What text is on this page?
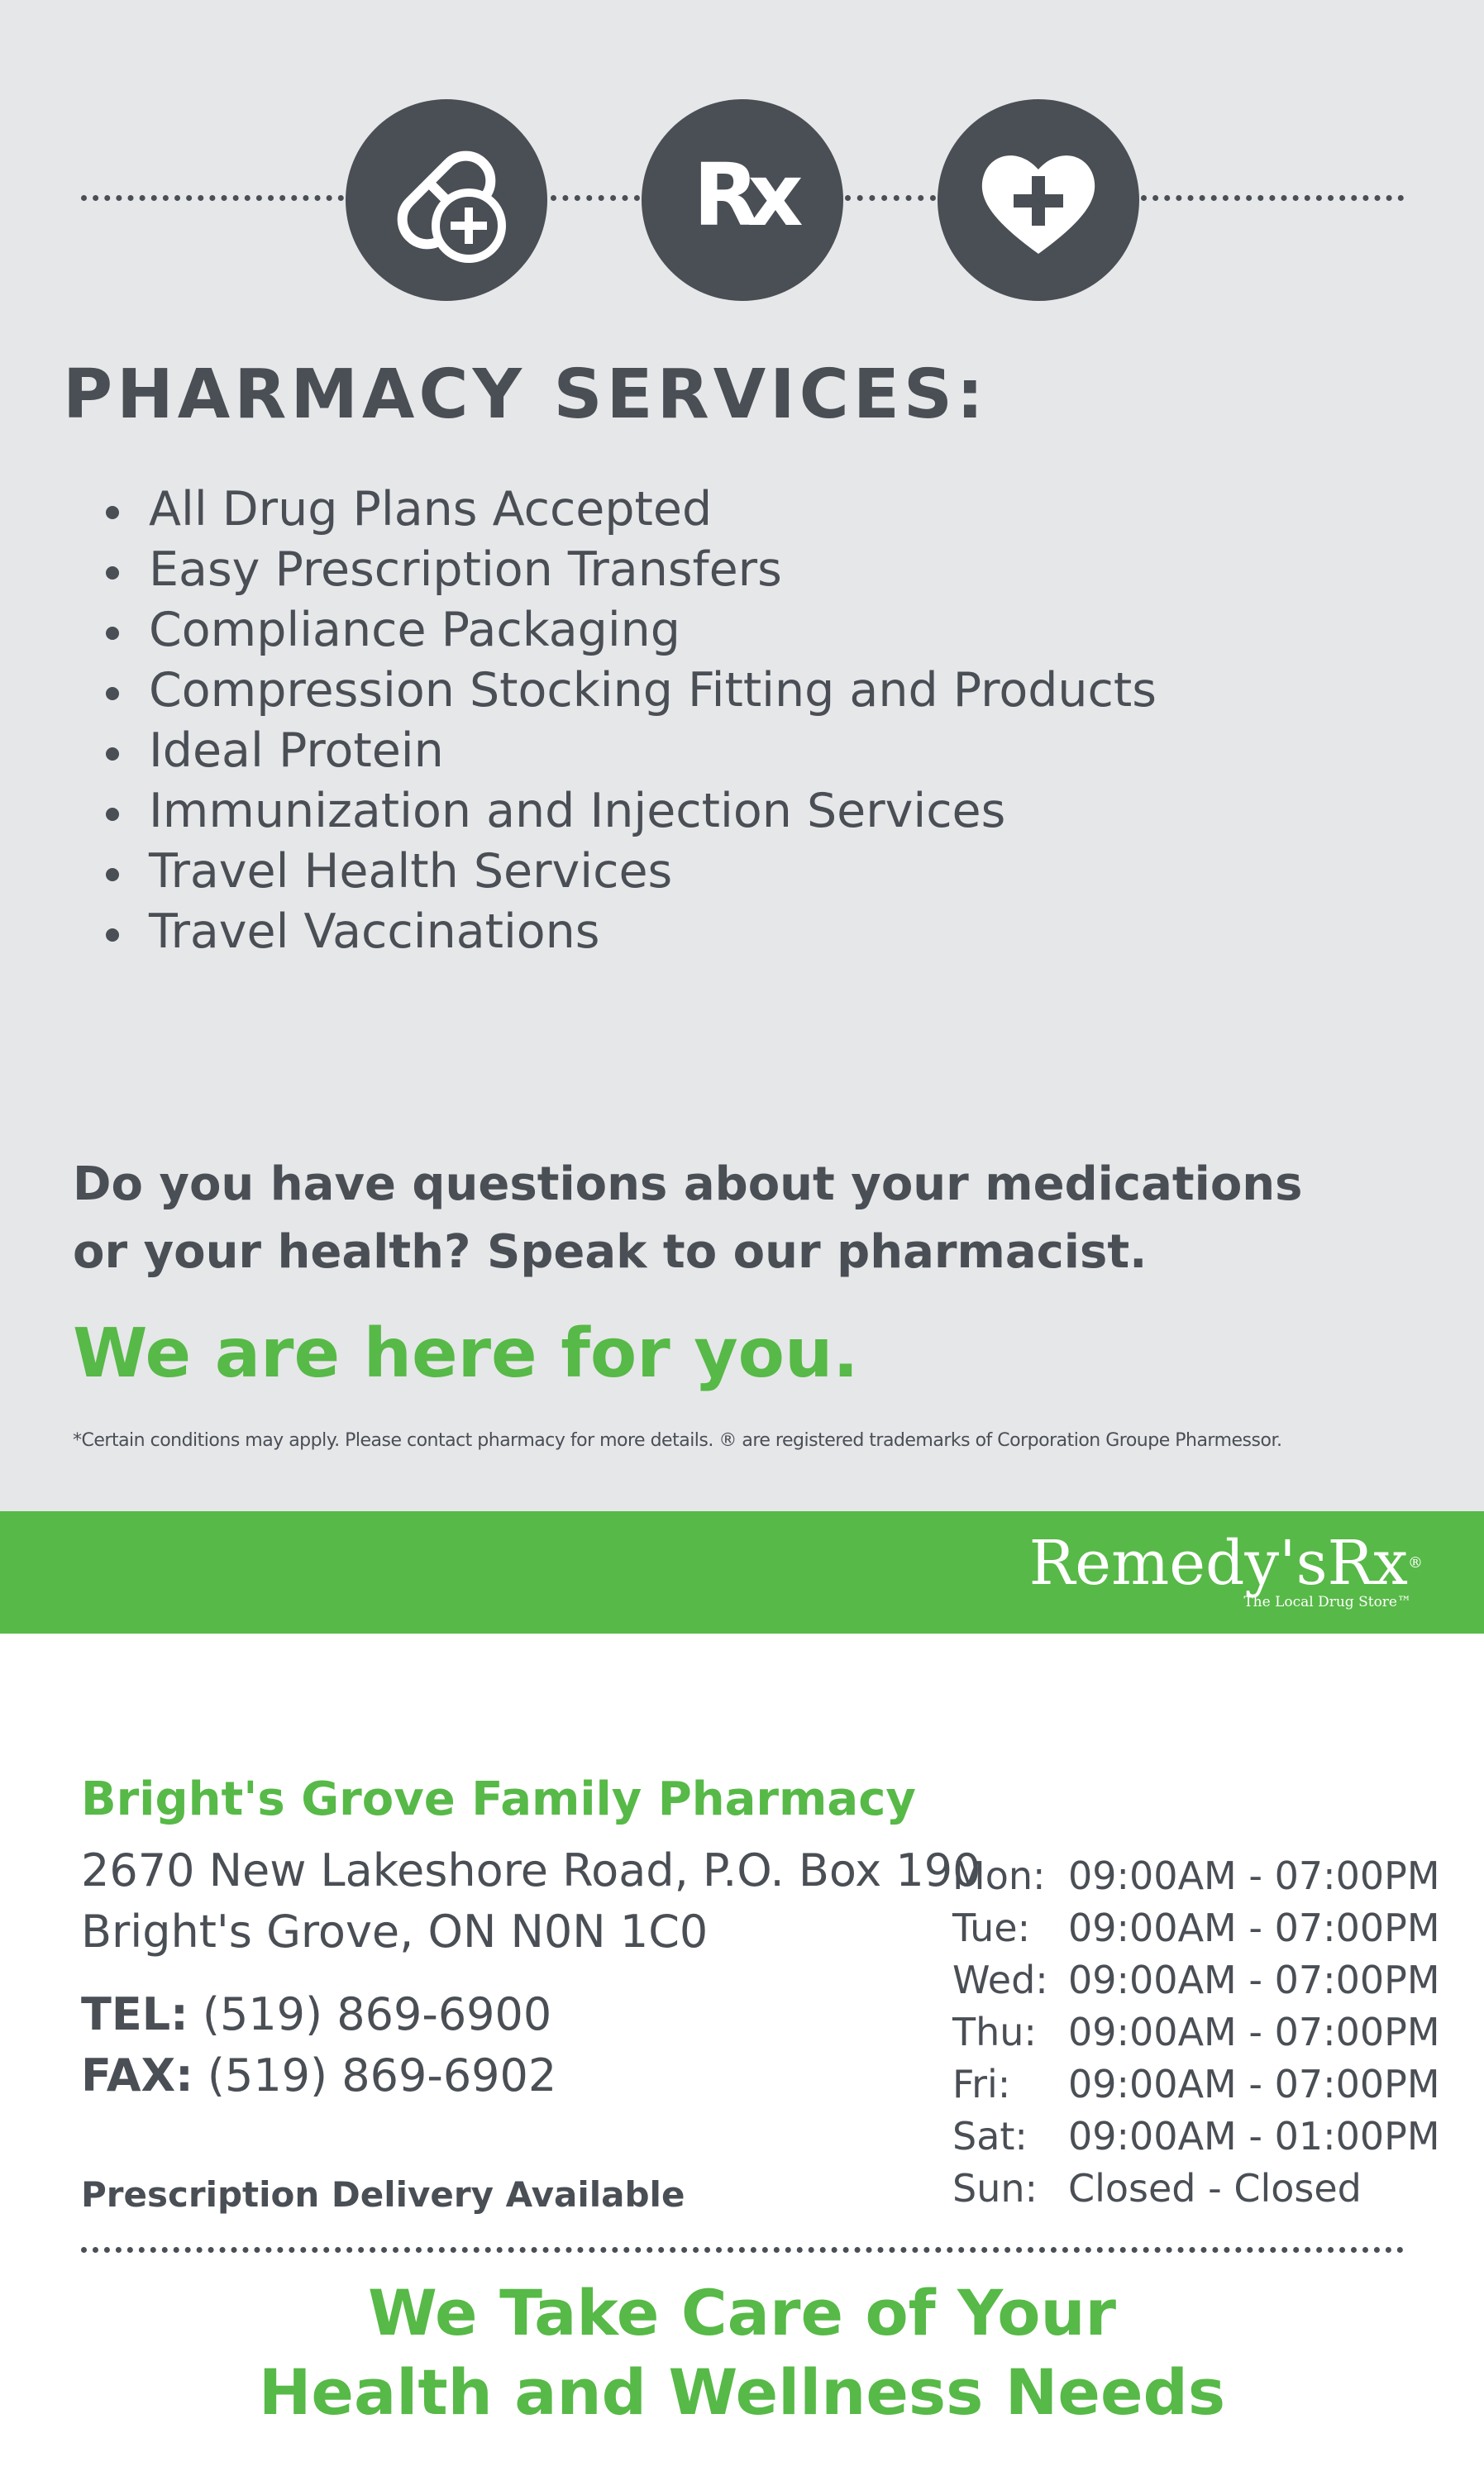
Rx
PHARMACY SERVICES:
All Drug Plans Accepted
Easy Prescription Transfers
Compliance Packaging
Compression Stocking Fitting and Products
Ideal Protein
Immunization and Injection Services
Travel Health Services
Travel Vaccinations
Do you have questions about your medications
or your health? Speak to our pharmacist.
We are here for you.
*Certain conditions may apply. Please contact pharmacy for more details. ® are registered trademarks of Corporation Groupe Pharmessor.
Remedy'sRx®
The Local Drug Store™
Bright's Grove Family Pharmacy
2670 New Lakeshore Road, P.O. Box 190
Bright's Grove, ON N0N 1C0
TEL: (519) 869-6900
FAX: (519) 869-6902
Prescription Delivery Available
Mon:	09:00AM - 07:00PM
Tue:	09:00AM - 07:00PM
Wed:	09:00AM - 07:00PM
Thu:	09:00AM - 07:00PM
Fri:	09:00AM - 07:00PM
Sat:	09:00AM - 01:00PM
Sun:	Closed - Closed
We Take Care of Your
Health and Wellness Needs
